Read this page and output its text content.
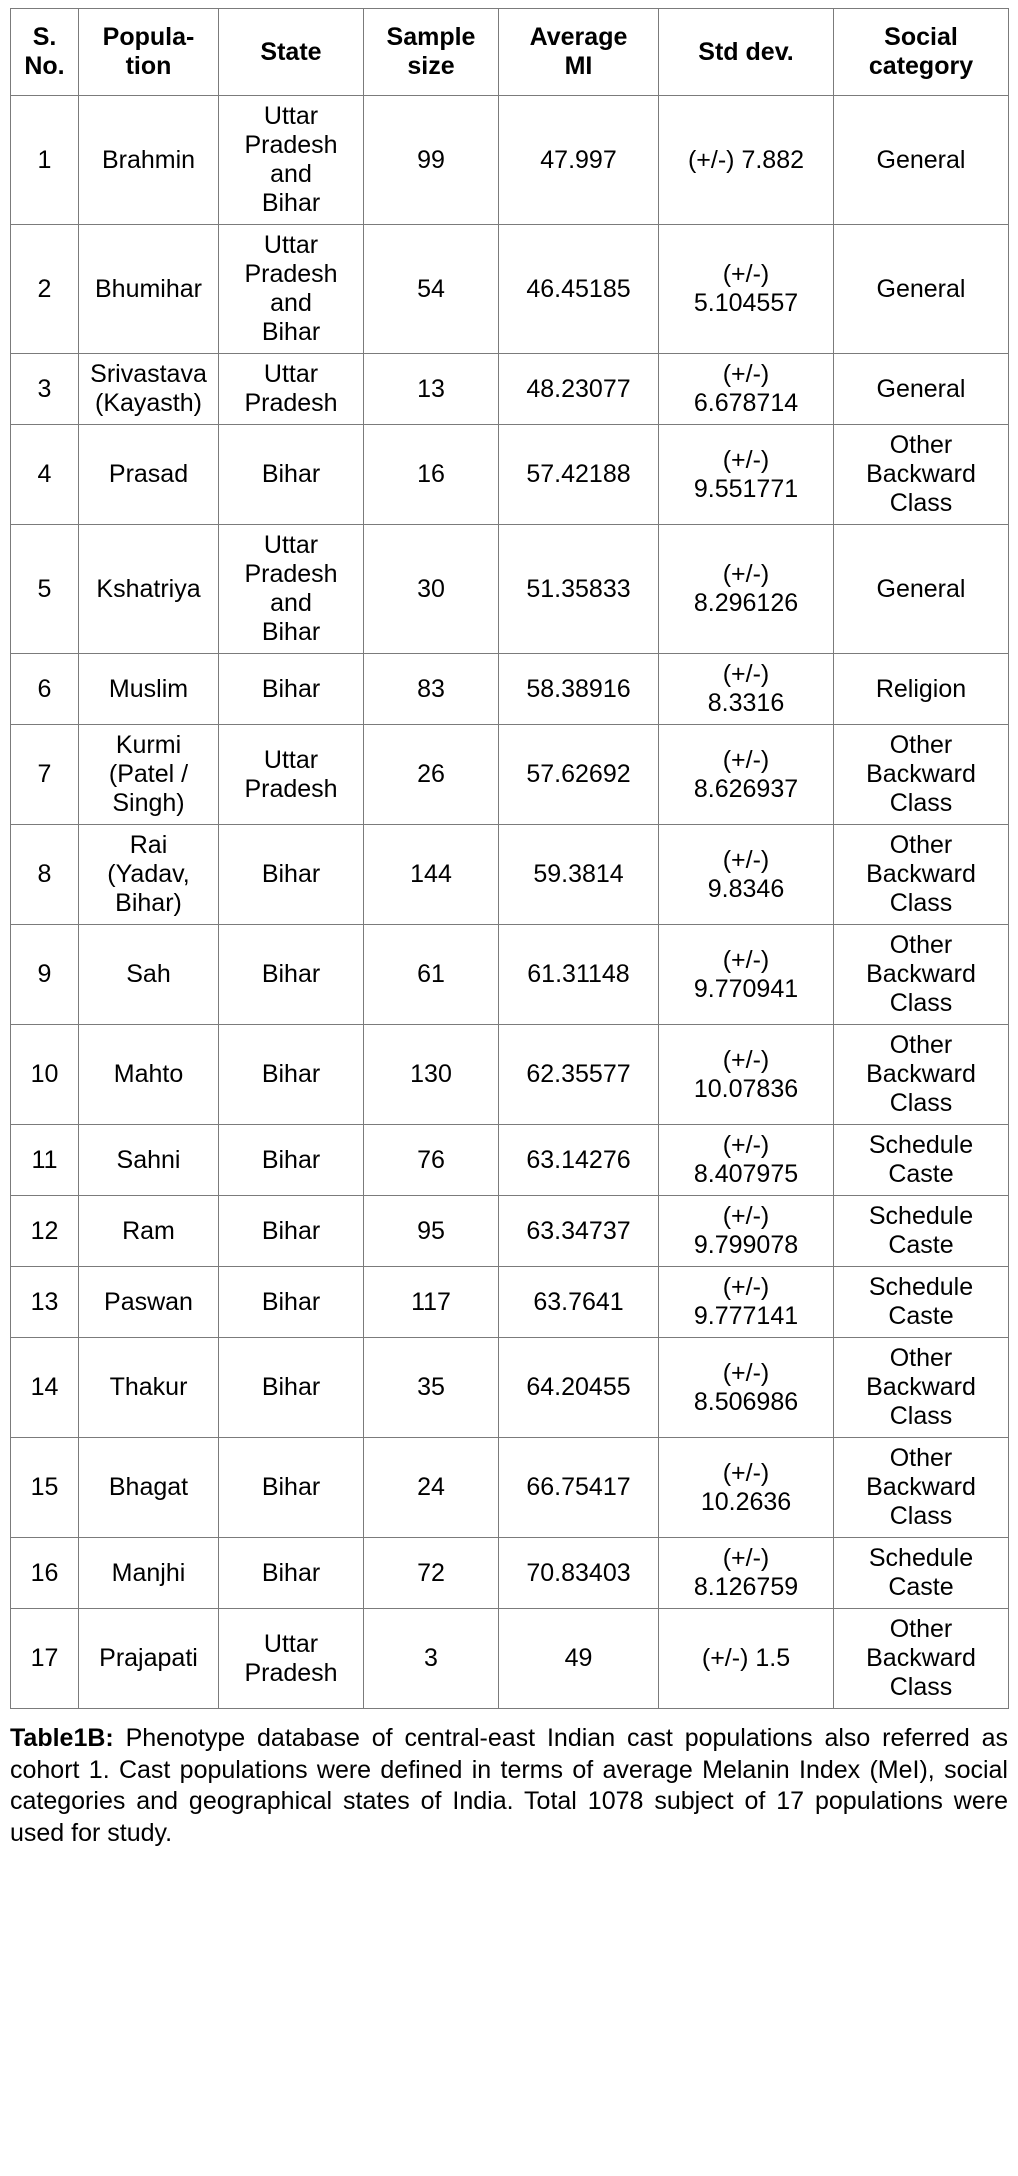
S.
No.	Popula-
tion	State	Sample
size	Average
MI	Std dev.	Social
category

1	Brahmin	Uttar
Pradesh
and
Bihar	99	47.997	(+/-) 7.882	General

2	Bhumihar	Uttar
Pradesh
and
Bihar	54	46.45185	(+/-)
5.104557	General

3	Srivastava
(Kayasth)	Uttar
Pradesh	13	48.23077	(+/-)
6.678714	General

4	Prasad	Bihar	16	57.42188	(+/-)
9.551771	Other
Backward
Class

5	Kshatriya	Uttar
Pradesh
and
Bihar	30	51.35833	(+/-)
8.296126	General

6	Muslim	Bihar	83	58.38916	(+/-)
8.3316	Religion

7	Kurmi
(Patel /
Singh)	Uttar
Pradesh	26	57.62692	(+/-)
8.626937	Other
Backward
Class

8	Rai
(Yadav,
Bihar)	Bihar	144	59.3814	(+/-)
9.8346	Other
Backward
Class

9	Sah	Bihar	61	61.31148	(+/-)
9.770941	Other
Backward
Class

10	Mahto	Bihar	130	62.35577	(+/-)
10.07836	Other
Backward
Class

11	Sahni	Bihar	76	63.14276	(+/-)
8.407975	Schedule
Caste

12	Ram	Bihar	95	63.34737	(+/-)
9.799078	Schedule
Caste

13	Paswan	Bihar	117	63.7641	(+/-)
9.777141	Schedule
Caste

14	Thakur	Bihar	35	64.20455	(+/-)
8.506986	Other
Backward
Class

15	Bhagat	Bihar	24	66.75417	(+/-)
10.2636	Other
Backward
Class

16	Manjhi	Bihar	72	70.83403	(+/-)
8.126759	Schedule
Caste

17	Prajapati	Uttar
Pradesh	3	49	(+/-) 1.5	Other
Backward
Class

Table1B: Phenotype database of central-east Indian cast populations also referred as cohort 1. Cast populations were defined in terms of average Melanin Index (MeI), social categories and geographical states of India. Total 1078 subject of 17 populations were used for study.
